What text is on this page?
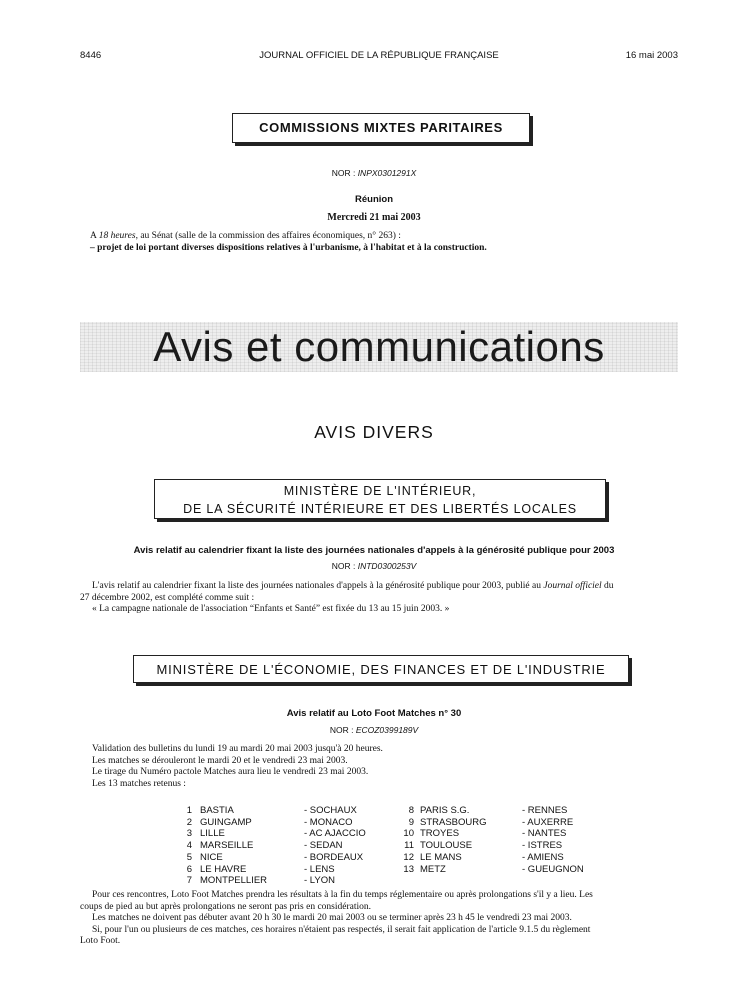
8446	JOURNAL OFFICIEL DE LA RÉPUBLIQUE FRANÇAISE	16 mai 2003
COMMISSIONS MIXTES PARITAIRES
NOR : INPX0301291X
Réunion
Mercredi 21 mai 2003
A 18 heures, au Sénat (salle de la commission des affaires économiques, n° 263) :
– projet de loi portant diverses dispositions relatives à l'urbanisme, à l'habitat et à la construction.
Avis et communications
AVIS DIVERS
MINISTÈRE DE L'INTÉRIEUR,
DE LA SÉCURITÉ INTÉRIEURE ET DES LIBERTÉS LOCALES
Avis relatif au calendrier fixant la liste des journées nationales d'appels à la générosité publique pour 2003
NOR : INTD0300253V
L'avis relatif au calendrier fixant la liste des journées nationales d'appels à la générosité publique pour 2003, publié au Journal officiel du
27 décembre 2002, est complété comme suit :
« La campagne nationale de l'association “Enfants et Santé” est fixée du 13 au 15 juin 2003. »
MINISTÈRE DE L'ÉCONOMIE, DES FINANCES ET DE L'INDUSTRIE
Avis relatif au Loto Foot Matches n° 30
NOR : ECOZ0399189V
Validation des bulletins du lundi 19 au mardi 20 mai 2003 jusqu'à 20 heures.
Les matches se dérouleront le mardi 20 et le vendredi 23 mai 2003.
Le tirage du Numéro pactole Matches aura lieu le vendredi 23 mai 2003.
Les 13 matches retenus :
1
2
3
4
5
6
7
BASTIA
GUINGAMP
LILLE
MARSEILLE
NICE
LE HAVRE
MONTPELLIER
- SOCHAUX
- MONACO
- AC AJACCIO
- SEDAN
- BORDEAUX
- LENS
- LYON
8
9
10
11
12
13
PARIS S.G.
STRASBOURG
TROYES
TOULOUSE
LE MANS
METZ
- RENNES
- AUXERRE
- NANTES
- ISTRES
- AMIENS
- GUEUGNON
Pour ces rencontres, Loto Foot Matches prendra les résultats à la fin du temps réglementaire ou après prolongations s'il y a lieu. Les
coups de pied au but après prolongations ne seront pas pris en considération.
Les matches ne doivent pas débuter avant 20 h 30 le mardi 20 mai 2003 ou se terminer après 23 h 45 le vendredi 23 mai 2003.
Si, pour l'un ou plusieurs de ces matches, ces horaires n'étaient pas respectés, il serait fait application de l'article 9.1.5 du règlement
Loto Foot.
